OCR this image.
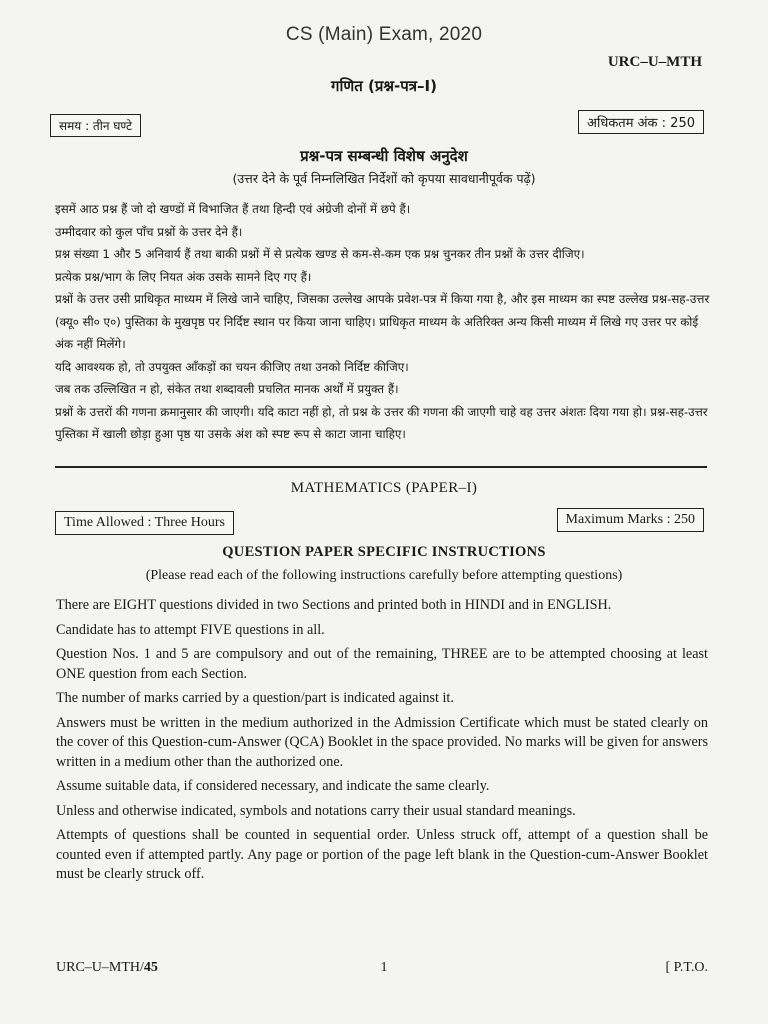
CS (Main) Exam, 2020
URC–U–MTH
गणित (प्रश्न-पत्र–I)
समय : तीन घण्टे	अधिकतम अंक : 250
प्रश्न-पत्र सम्बन्धी विशेष अनुदेश
(उत्तर देने के पूर्व निम्नलिखित निर्देशों को कृपया सावधानीपूर्वक पढ़ें)

इसमें आठ प्रश्न हैं जो दो खण्डों में विभाजित हैं तथा हिन्दी एवं अंग्रेजी दोनों में छपे हैं।

उम्मीदवार को कुल पाँच प्रश्नों के उत्तर देने हैं।

प्रश्न संख्या 1 और 5 अनिवार्य हैं तथा बाकी प्रश्नों में से प्रत्येक खण्ड से कम-से-कम एक प्रश्न चुनकर तीन प्रश्नों के उत्तर दीजिए।

प्रत्येक प्रश्न/भाग के लिए नियत अंक उसके सामने दिए गए हैं।

प्रश्नों के उत्तर उसी प्राधिकृत माध्यम में लिखे जाने चाहिए, जिसका उल्लेख आपके प्रवेश-पत्र में किया गया है, और इस माध्यम का स्पष्ट उल्लेख प्रश्न-सह-उत्तर (क्यू० सी० ए०) पुस्तिका के मुखपृष्ठ पर निर्दिष्ट स्थान पर किया जाना चाहिए। प्राधिकृत माध्यम के अतिरिक्त अन्य किसी माध्यम में लिखे गए उत्तर पर कोई अंक नहीं मिलेंगे।

यदि आवश्यक हो, तो उपयुक्त आँकड़ों का चयन कीजिए तथा उनको निर्दिष्ट कीजिए।

जब तक उल्लिखित न हो, संकेत तथा शब्दावली प्रचलित मानक अर्थों में प्रयुक्त हैं।

प्रश्नों के उत्तरों की गणना क्रमानुसार की जाएगी। यदि काटा नहीं हो, तो प्रश्न के उत्तर की गणना की जाएगी चाहे वह उत्तर अंशतः दिया गया हो। प्रश्न-सह-उत्तर पुस्तिका में खाली छोड़ा हुआ पृष्ठ या उसके अंश को स्पष्ट रूप से काटा जाना चाहिए।

MATHEMATICS (PAPER–I)
Time Allowed : Three Hours	Maximum Marks : 250
QUESTION PAPER SPECIFIC INSTRUCTIONS
(Please read each of the following instructions carefully before attempting questions)

There are EIGHT questions divided in two Sections and printed both in HINDI and in ENGLISH.

Candidate has to attempt FIVE questions in all.

Question Nos. 1 and 5 are compulsory and out of the remaining, THREE are to be attempted choosing at least ONE question from each Section.

The number of marks carried by a question/part is indicated against it.

Answers must be written in the medium authorized in the Admission Certificate which must be stated clearly on the cover of this Question-cum-Answer (QCA) Booklet in the space provided. No marks will be given for answers written in a medium other than the authorized one.

Assume suitable data, if considered necessary, and indicate the same clearly.

Unless and otherwise indicated, symbols and notations carry their usual standard meanings.

Attempts of questions shall be counted in sequential order. Unless struck off, attempt of a question shall be counted even if attempted partly. Any page or portion of the page left blank in the Question-cum-Answer Booklet must be clearly struck off.

URC–U–MTH/45	1	[ P.T.O.
